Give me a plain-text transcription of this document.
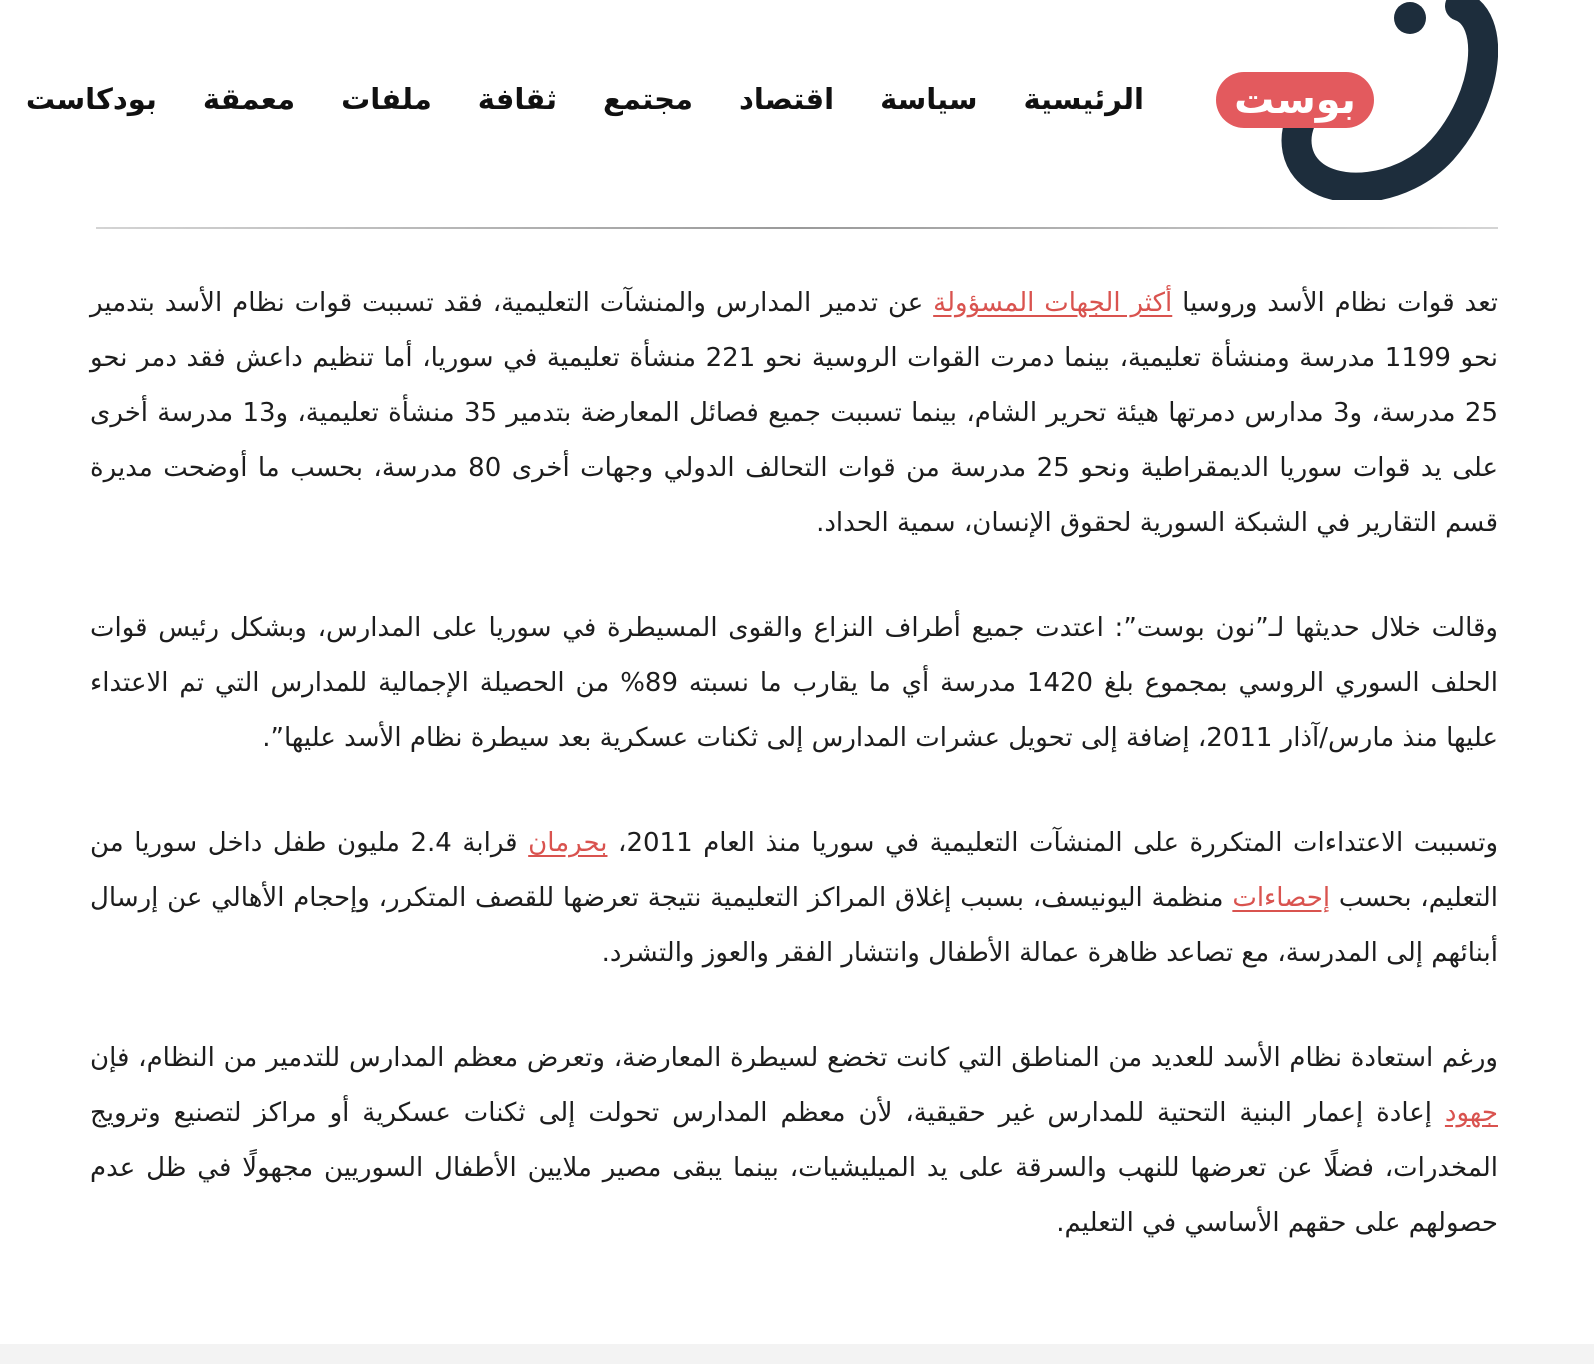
بوست
الرئيسية
سياسة
اقتصاد
مجتمع
ثقافة
ملفات
معمقة
بودكاست

تعد قوات نظام الأسد وروسيا أكثر الجهات المسؤولة عن تدمير المدارس والمنشآت التعليمية، فقد تسببت قوات نظام الأسد بتدمير نحو 1199 مدرسة ومنشأة تعليمية، بينما دمرت القوات الروسية نحو 221 منشأة تعليمية في سوريا، أما تنظيم داعش فقد دمر نحو 25 مدرسة، و3 مدارس دمرتها هيئة تحرير الشام، بينما تسببت جميع فصائل المعارضة بتدمير 35 منشأة تعليمية، و13 مدرسة أخرى على يد قوات سوريا الديمقراطية ونحو 25 مدرسة من قوات التحالف الدولي وجهات أخرى 80 مدرسة، بحسب ما أوضحت مديرة قسم التقارير في الشبكة السورية لحقوق الإنسان، سمية الحداد.

وقالت خلال حديثها لـ”نون بوست”: اعتدت جميع أطراف النزاع والقوى المسيطرة في سوريا على المدارس، وبشكل رئيس قوات الحلف السوري الروسي بمجموع بلغ 1420 مدرسة أي ما يقارب ما نسبته 89% من الحصيلة الإجمالية للمدارس التي تم الاعتداء عليها منذ مارس/آذار 2011، إضافة إلى تحويل عشرات المدارس إلى ثكنات عسكرية بعد سيطرة نظام الأسد عليها”.

وتسببت الاعتداءات المتكررة على المنشآت التعليمية في سوريا منذ العام 2011، بحرمان قرابة 2.4 مليون طفل داخل سوريا من التعليم، بحسب إحصاءات منظمة اليونيسف، بسبب إغلاق المراكز التعليمية نتيجة تعرضها للقصف المتكرر، وإحجام الأهالي عن إرسال أبنائهم إلى المدرسة، مع تصاعد ظاهرة عمالة الأطفال وانتشار الفقر والعوز والتشرد.

ورغم استعادة نظام الأسد للعديد من المناطق التي كانت تخضع لسيطرة المعارضة، وتعرض معظم المدارس للتدمير من النظام، فإن جهود إعادة إعمار البنية التحتية للمدارس غير حقيقية، لأن معظم المدارس تحولت إلى ثكنات عسكرية أو مراكز لتصنيع وترويج المخدرات، فضلًا عن تعرضها للنهب والسرقة على يد الميليشيات، بينما يبقى مصير ملايين الأطفال السوريين مجهولًا في ظل عدم حصولهم على حقهم الأساسي في التعليم.
